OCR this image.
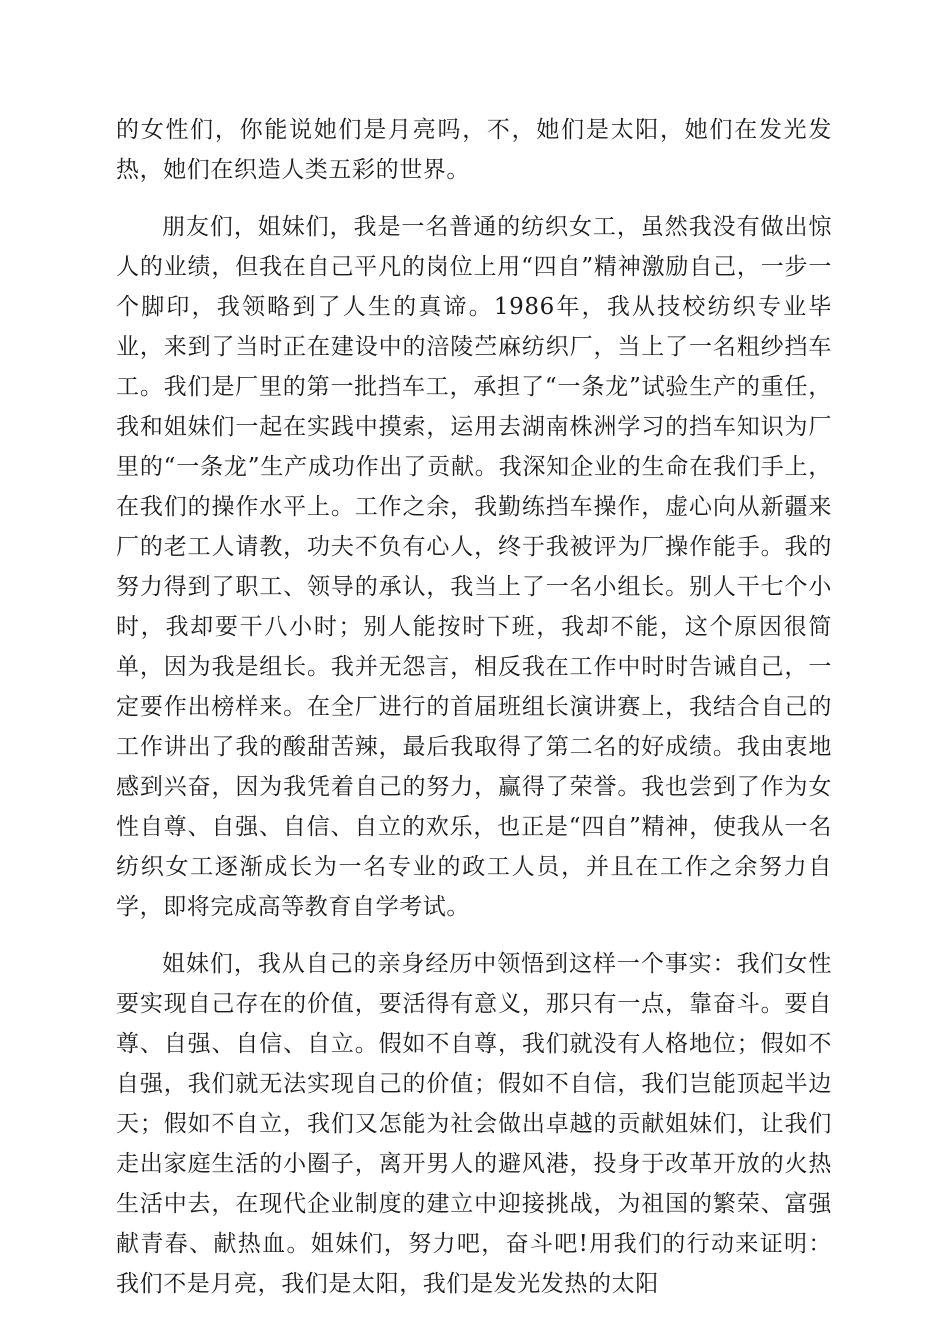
的女性们，你能说她们是月亮吗，不，她们是太阳，她们在发光发热，她们在织造人类五彩的世界。

朋友们，姐妹们，我是一名普通的纺织女工，虽然我没有做出惊人的业绩，但我在自己平凡的岗位上用“四自”精神激励自己，一步一个脚印，我领略到了人生的真谛。1986年，我从技校纺织专业毕业，来到了当时正在建设中的涪陵苎麻纺织厂，当上了一名粗纱挡车工。我们是厂里的第一批挡车工，承担了“一条龙”试验生产的重任，我和姐妹们一起在实践中摸索，运用去湖南株洲学习的挡车知识为厂里的“一条龙”生产成功作出了贡献。我深知企业的生命在我们手上，在我们的操作水平上。工作之余，我勤练挡车操作，虚心向从新疆来厂的老工人请教，功夫不负有心人，终于我被评为厂操作能手。我的努力得到了职工、领导的承认，我当上了一名小组长。别人干七个小时，我却要干八小时；别人能按时下班，我却不能，这个原因很简单，因为我是组长。我并无怨言，相反我在工作中时时告诫自己，一定要作出榜样来。在全厂进行的首届班组长演讲赛上，我结合自己的工作讲出了我的酸甜苦辣，最后我取得了第二名的好成绩。我由衷地感到兴奋，因为我凭着自己的努力，赢得了荣誉。我也尝到了作为女性自尊、自强、自信、自立的欢乐，也正是“四自”精神，使我从一名纺织女工逐渐成长为一名专业的政工人员，并且在工作之余努力自学，即将完成高等教育自学考试。

姐妹们，我从自己的亲身经历中领悟到这样一个事实：我们女性要实现自己存在的价值，要活得有意义，那只有一点，靠奋斗。要自尊、自强、自信、自立。假如不自尊，我们就没有人格地位；假如不自强，我们就无法实现自己的价值；假如不自信，我们岂能顶起半边天；假如不自立，我们又怎能为社会做出卓越的贡献姐妹们，让我们走出家庭生活的小圈子，离开男人的避风港，投身于改革开放的火热生活中去，在现代企业制度的建立中迎接挑战，为祖国的繁荣、富强献青春、献热血。姐妹们，努力吧，奋斗吧!用我们的行动来证明：我们不是月亮，我们是太阳，我们是发光发热的太阳
